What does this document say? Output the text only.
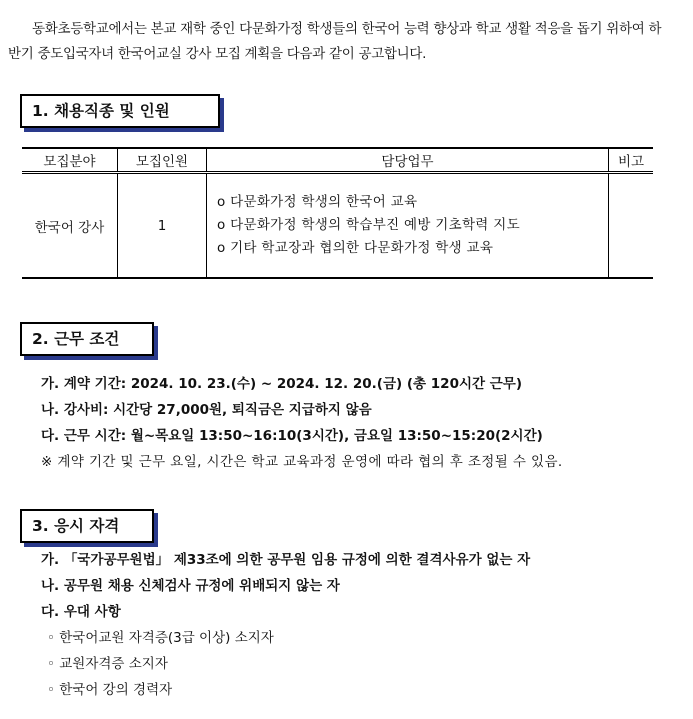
동화초등학교에서는 본교 재학 중인 다문화가정 학생들의 한국어 능력 향상과 학교 생활 적응을 돕기 위하여 하반기 중도입국자녀 한국어교실 강사 모집 계획을 다음과 같이 공고합니다.

1. 채용직종 및 인원
모집분야	모집인원	담당업무	비고
한국어 강사	1	o 다문화가정 학생의 한국어 교육
o 다문화가정 학생의 학습부진 예방 기초학력 지도
o 기타 학교장과 협의한 다문화가정 학생 교육	

2. 근무 조건
가. 계약 기간: 2024. 10. 23.(수) ~ 2024. 12. 20.(금) (총 120시간 근무)
나. 강사비: 시간당 27,000원, 퇴직금은 지급하지 않음
다. 근무 시간: 월~목요일 13:50~16:10(3시간), 금요일 13:50~15:20(2시간)
※ 계약 기간 및 근무 요일, 시간은 학교 교육과정 운영에 따라 협의 후 조정될 수 있음.
3. 응시 자격
가. 「국가공무원법」 제33조에 의한 공무원 임용 규정에 의한 결격사유가 없는 자
나. 공무원 채용 신체검사 규정에 위배되지 않는 자
다. 우대 사항
◦ 한국어교원 자격증(3급 이상) 소지자
◦ 교원자격증 소지자
◦ 한국어 강의 경력자
